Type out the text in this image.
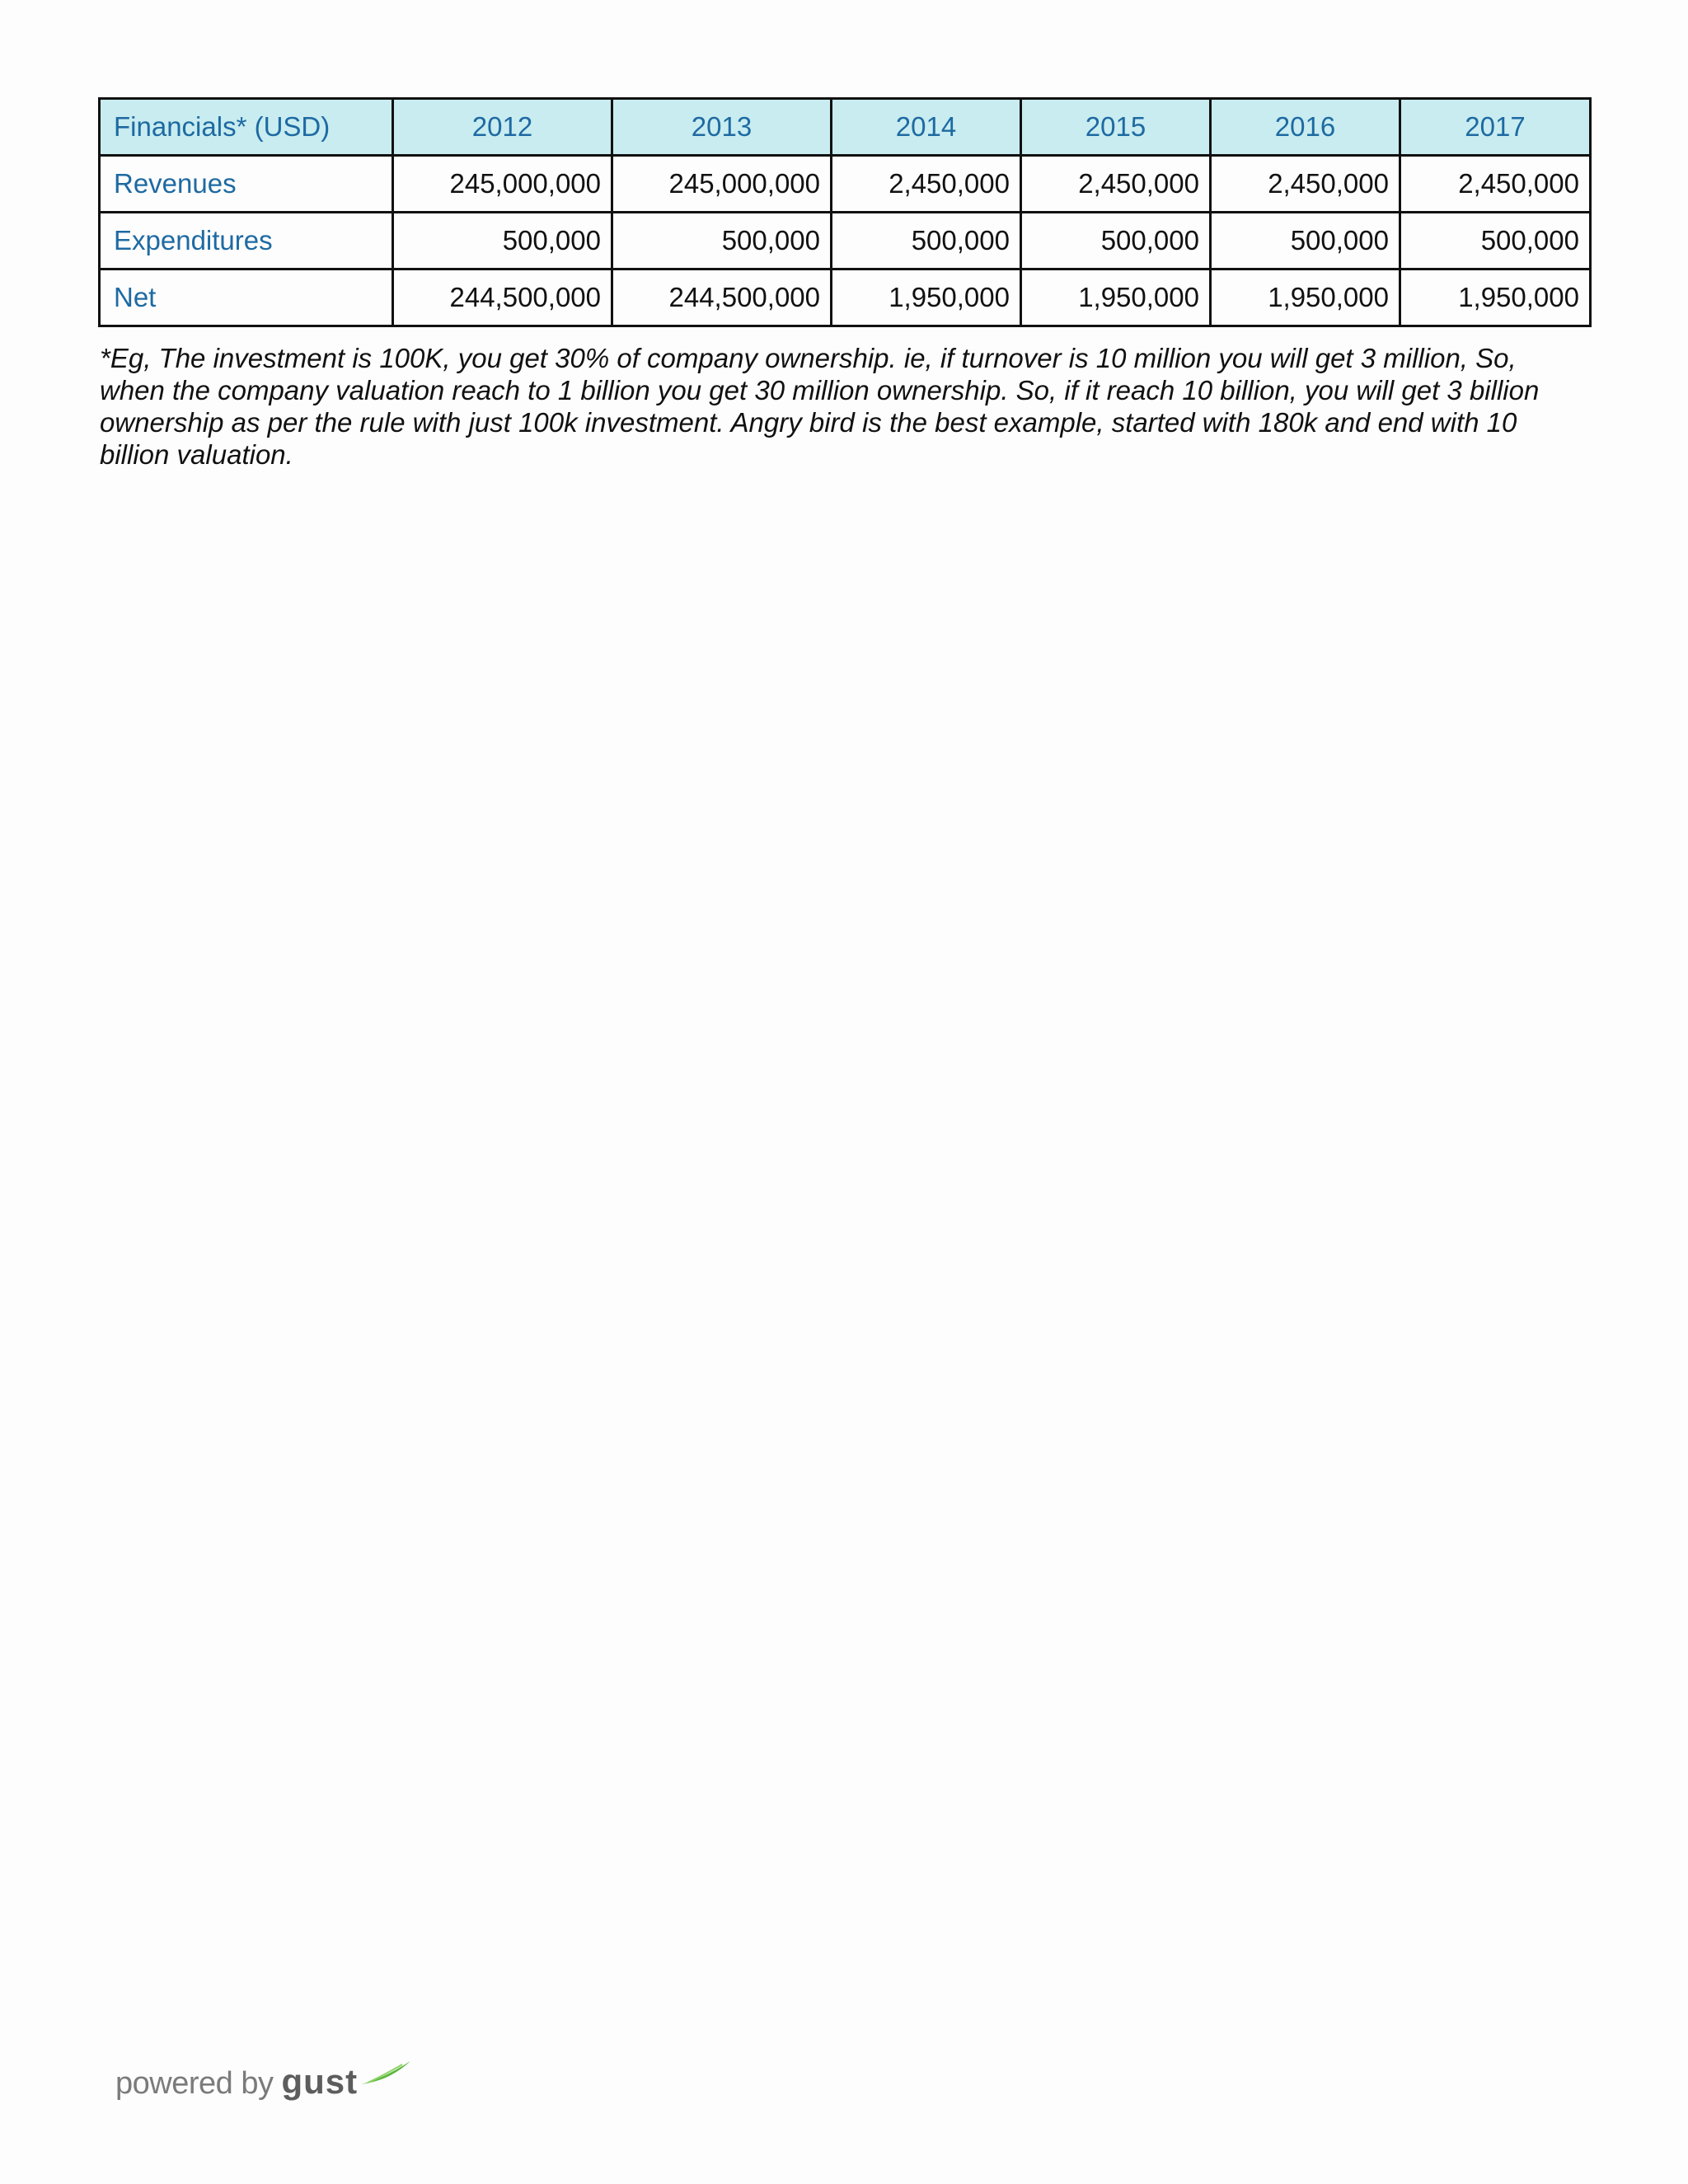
Financials* (USD)	2012	2013	2014	2015	2016	2017
Revenues	245,000,000	245,000,000	2,450,000	2,450,000	2,450,000	2,450,000
Expenditures	500,000	500,000	500,000	500,000	500,000	500,000
Net	244,500,000	244,500,000	1,950,000	1,950,000	1,950,000	1,950,000
*Eg, The investment is 100K, you get 30% of company ownership. ie, if turnover is 10 million you will get 3 million, So,
when the company valuation reach to 1 billion you get 30 million ownership. So, if it reach 10 billion, you will get 3 billion
ownership as per the rule with just 100k investment. Angry bird is the best example, started with 180k and end with 10
billion valuation.
powered by gust
